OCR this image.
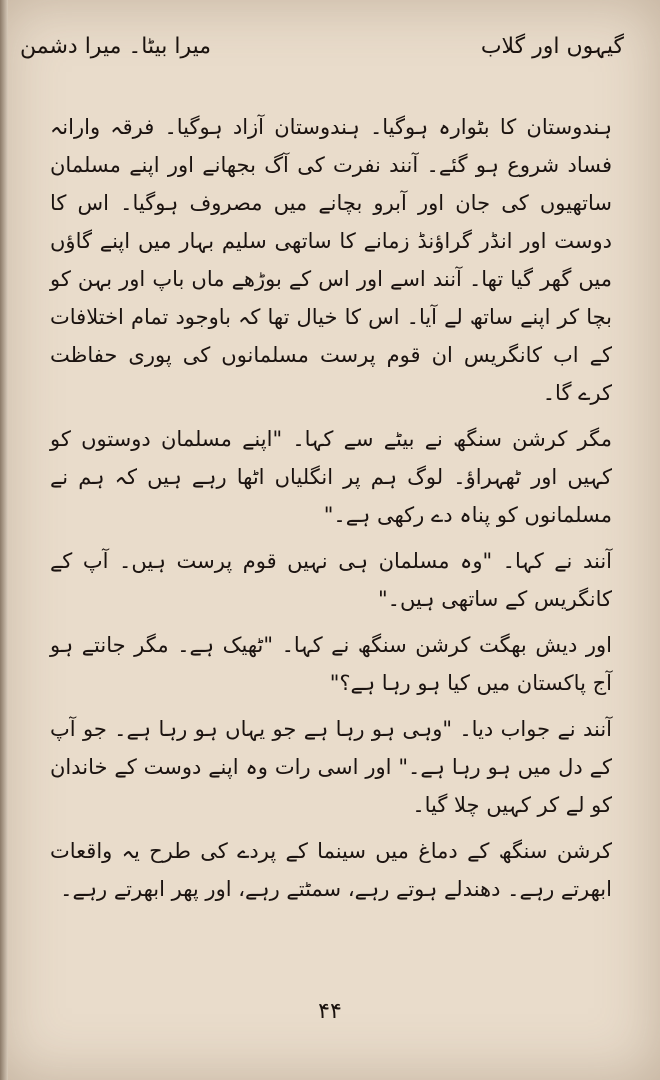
گیہوں اور گلاب
میرا بیٹا۔ میرا دشمن

ہندوستان کا بٹوارہ ہوگیا۔ ہندوستان آزاد ہوگیا۔ فرقہ وارانہ فساد شروع ہو گئے۔ آنند نفرت کی آگ بجھانے اور اپنے مسلمان ساتھیوں کی جان اور آبرو بچانے میں مصروف ہوگیا۔ اس کا دوست اور انڈر گراؤنڈ زمانے کا ساتھی سلیم بہار میں اپنے گاؤں میں گھر گیا تھا۔ آنند اسے اور اس کے بوڑھے ماں باپ اور بہن کو بچا کر اپنے ساتھ لے آیا۔ اس کا خیال تھا کہ باوجود تمام اختلافات کے اب کانگریس ان قوم پرست مسلمانوں کی پوری حفاظت کرے گا۔

مگر کرشن سنگھ نے بیٹے سے کہا۔ "اپنے مسلمان دوستوں کو کہیں اور ٹھہراؤ۔ لوگ ہم پر انگلیاں اٹھا رہے ہیں کہ ہم نے مسلمانوں کو پناہ دے رکھی ہے۔"

آنند نے کہا۔ "وہ مسلمان ہی نہیں قوم پرست ہیں۔ آپ کے کانگریس کے ساتھی ہیں۔"

اور دیش بھگت کرشن سنگھ نے کہا۔ "ٹھیک ہے۔ مگر جانتے ہو آج پاکستان میں کیا ہو رہا ہے؟"

آنند نے جواب دیا۔ "وہی ہو رہا ہے جو یہاں ہو رہا ہے۔ جو آپ کے دل میں ہو رہا ہے۔" اور اسی رات وہ اپنے دوست کے خاندان کو لے کر کہیں چلا گیا۔

کرشن سنگھ کے دماغ میں سینما کے پردے کی طرح یہ واقعات ابھرتے رہے۔ دھندلے ہوتے رہے، سمٹتے رہے، اور پھر ابھرتے رہے۔

۴۴
